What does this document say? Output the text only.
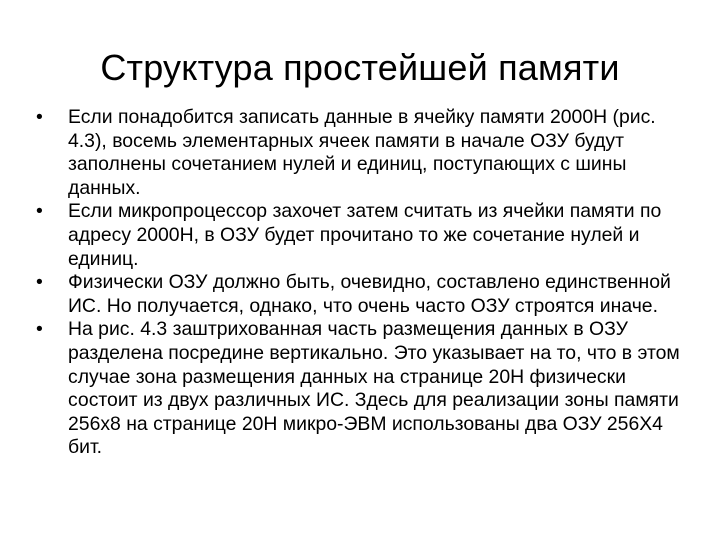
Структура простейшей памяти
•	Если понадобится записать данные в ячейку памяти 2000Н (рис. 4.3), восемь элементарных ячеек памяти в начале ОЗУ будут заполнены сочетанием нулей и единиц, поступающих с шины данных.
•	Если микропроцессор захочет затем считать из ячейки памяти по адресу 2000Н, в ОЗУ будет прочитано то же сочетание нулей и единиц.
•	Физически ОЗУ должно быть, очевидно, составлено единственной ИС. Но получается, однако, что очень часто ОЗУ строятся иначе.
•	На рис. 4.3 заштрихованная часть размещения данных в ОЗУ разделена посредине вертикально. Это указывает на то, что в этом случае зона размещения данных на странице 20Н физически состоит из двух различных ИС. Здесь для реализации зоны памяти 256x8 на странице 20Н микро-ЭВМ использованы два ОЗУ 256Х4 бит.
